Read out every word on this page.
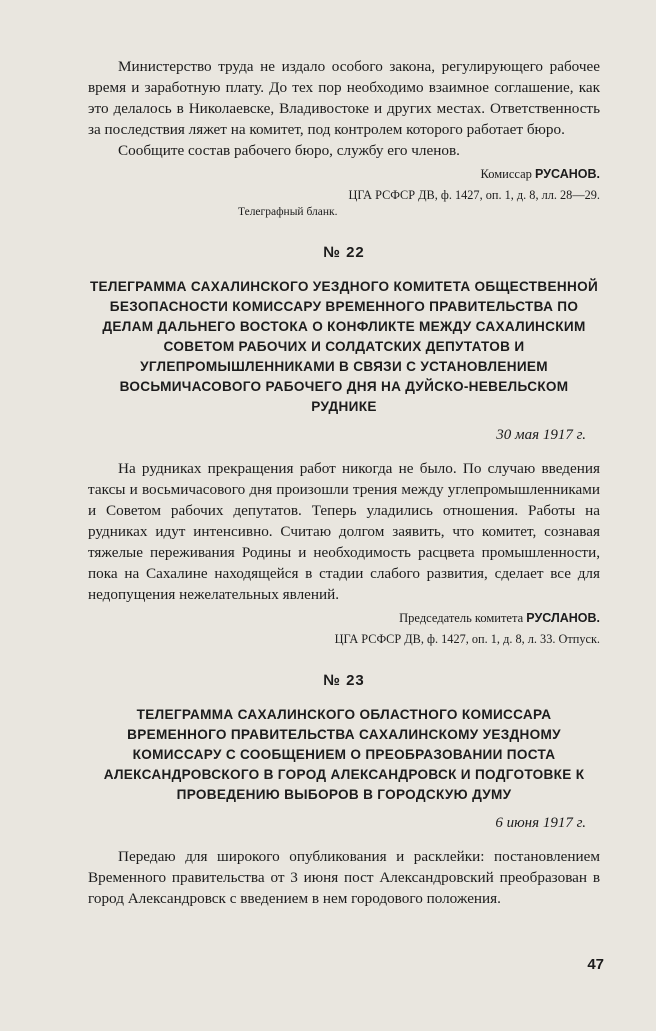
Министерство труда не издало особого закона, регулирующего рабочее время и заработную плату. До тех пор необходимо взаимное соглашение, как это делалось в Николаевске, Владивостоке и других местах. Ответственность за последствия ляжет на комитет, под контролем которого работает бюро.

Сообщите состав рабочего бюро, службу его членов.

Комиссар РУСАНОВ.
ЦГА РСФСР ДВ, ф. 1427, оп. 1, д. 8, лл. 28—29.
Телеграфный бланк.
№ 22
ТЕЛЕГРАММА САХАЛИНСКОГО УЕЗДНОГО КОМИТЕТА ОБЩЕСТВЕННОЙ БЕЗОПАСНОСТИ КОМИССАРУ ВРЕМЕННОГО ПРАВИТЕЛЬСТВА ПО ДЕЛАМ ДАЛЬНЕГО ВОСТОКА О КОНФЛИКТЕ МЕЖДУ САХАЛИНСКИМ СОВЕТОМ РАБОЧИХ И СОЛДАТСКИХ ДЕПУТАТОВ И УГЛЕПРОМЫШЛЕННИКАМИ В СВЯЗИ С УСТАНОВЛЕНИЕМ ВОСЬМИЧАСОВОГО РАБОЧЕГО ДНЯ НА ДУЙСКО-НЕВЕЛЬСКОМ РУДНИКЕ
30 мая 1917 г.

На рудниках прекращения работ никогда не было. По случаю введения таксы и восьмичасового дня произошли трения между углепромышленниками и Советом рабочих депутатов. Теперь уладились отношения. Работы на рудниках идут интенсивно. Считаю долгом заявить, что комитет, сознавая тяжелые переживания Родины и необходимость расцвета промышленности, пока на Сахалине находящейся в стадии слабого развития, сделает все для недопущения нежелательных явлений.

Председатель комитета РУСЛАНОВ.
ЦГА РСФСР ДВ, ф. 1427, оп. 1, д. 8, л. 33. Отпуск.
№ 23
ТЕЛЕГРАММА САХАЛИНСКОГО ОБЛАСТНОГО КОМИССАРА ВРЕМЕННОГО ПРАВИТЕЛЬСТВА САХАЛИНСКОМУ УЕЗДНОМУ КОМИССАРУ С СООБЩЕНИЕМ О ПРЕОБРАЗОВАНИИ ПОСТА АЛЕКСАНДРОВСКОГО В ГОРОД АЛЕКСАНДРОВСК И ПОДГОТОВКЕ К ПРОВЕДЕНИЮ ВЫБОРОВ В ГОРОДСКУЮ ДУМУ
6 июня 1917 г.

Передаю для широкого опубликования и расклейки: постановлением Временного правительства от 3 июня пост Александровский преобразован в город Александровск с введением в нем городового положения.

47
